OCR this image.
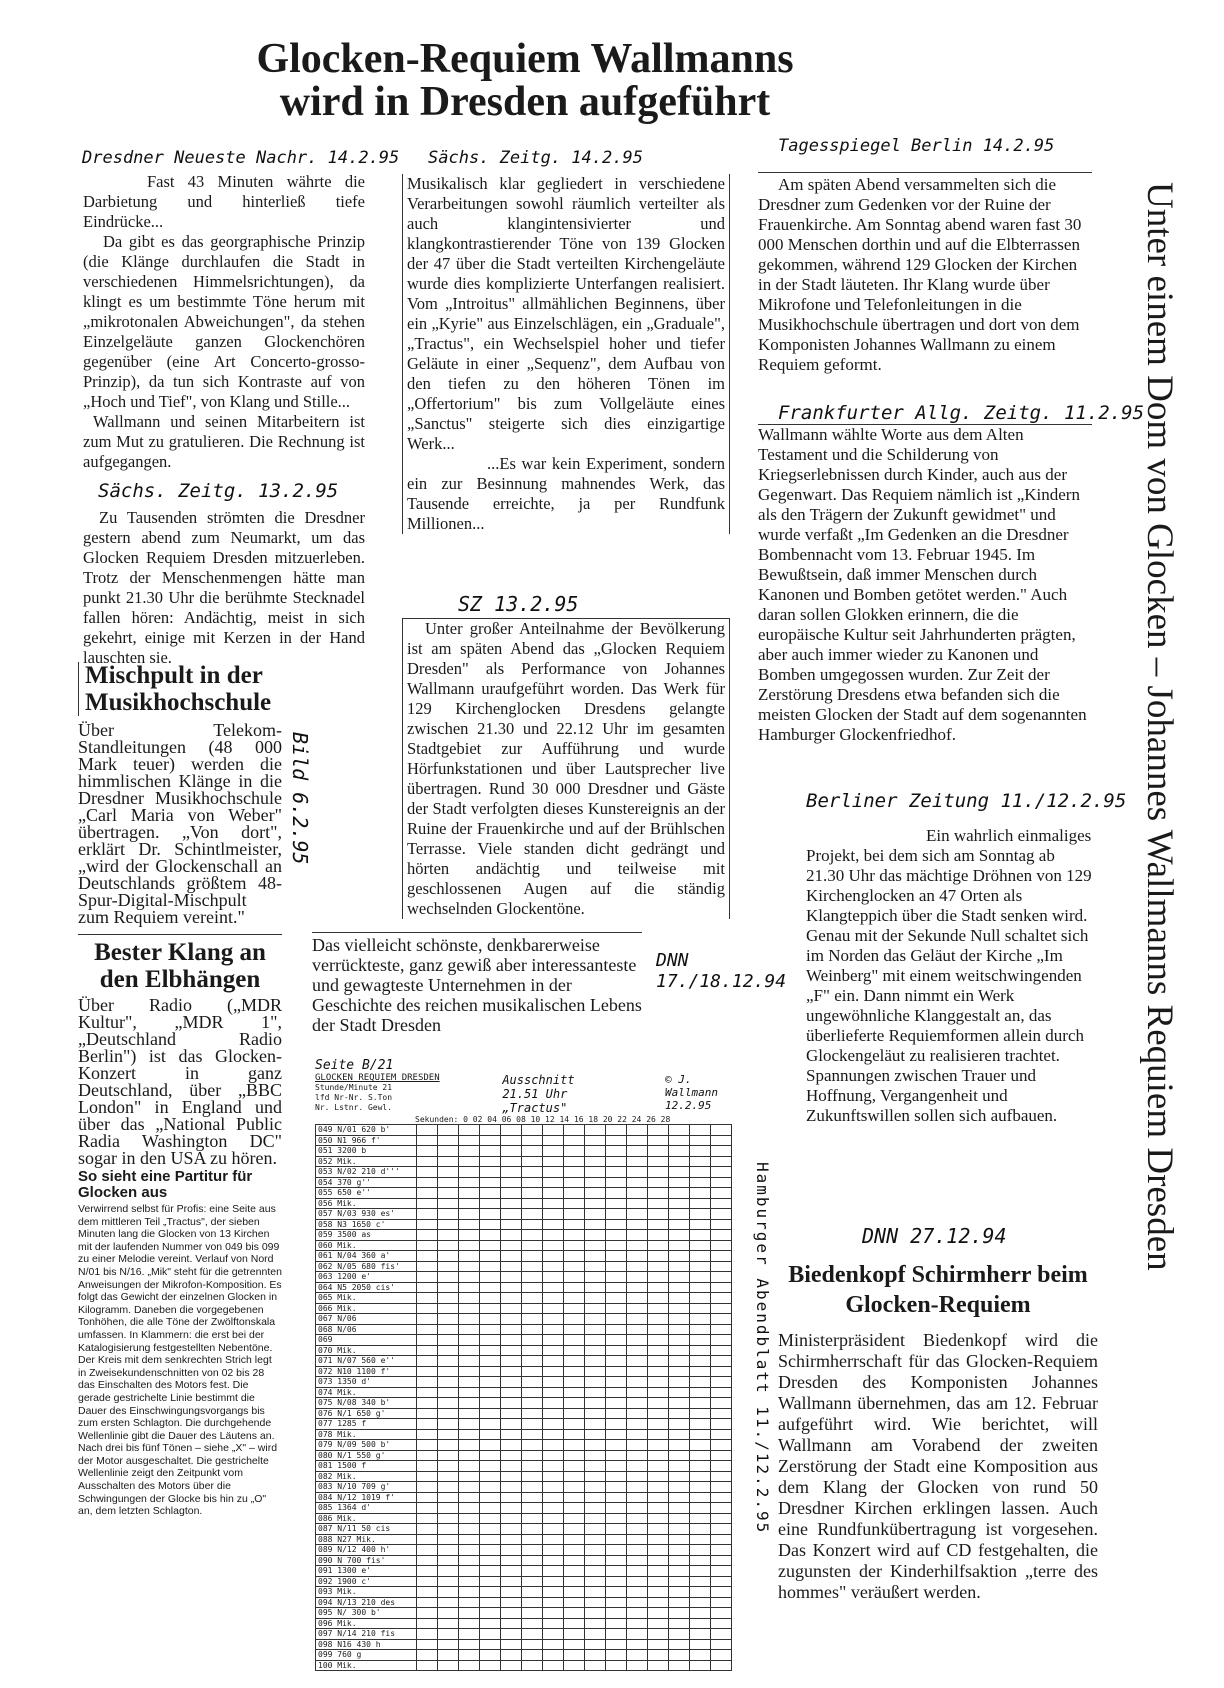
Glocken-Requiem Wallmanns
wird in Dresden aufgeführt
Unter einem Dom von Glocken – Johannes Wallmanns Requiem Dresden
Dresdner Neueste Nachr. 14.2.95

Fast 43 Minuten währte die Darbietung und hinterließ tiefe Eindrücke...

Da gibt es das georgraphische Prinzip (die Klänge durchlaufen die Stadt in verschiedenen Himmelsrichtungen), da klingt es um bestimmte Töne herum mit „mikrotonalen Abweichungen", da stehen Einzelgeläute ganzen Glockenchören gegenüber (eine Art Concerto-grosso-Prinzip), da tun sich Kontraste auf von „Hoch und Tief", von Klang und Stille...

Wallmann und seinen Mitarbeitern ist zum Mut zu gratulieren. Die Rechnung ist aufgegangen.

Sächs. Zeitg. 13.2.95
Zu Tausenden strömten die Dresdner gestern abend zum Neumarkt, um das Glocken Requiem Dresden mitzuerleben. Trotz der Menschenmengen hätte man punkt 21.30 Uhr die berühmte Stecknadel fallen hören: Andächtig, meist in sich gekehrt, einige mit Kerzen in der Hand lauschten sie.
Mischpult in der Musikhochschule
Über Telekom-Standleitungen (48 000 Mark teuer) werden die himmlischen Klänge in die Dresdner Musikhochschule „Carl Maria von Weber" übertragen. „Von dort", erklärt Dr. Schintlmeister, „wird der Glockenschall an Deutschlands größtem 48-Spur-Digital-Mischpult zum Requiem vereint."
Bester Klang an den Elbhängen
Über Radio („MDR Kultur", „MDR 1", „Deutschland Radio Berlin") ist das Glocken-Konzert in ganz Deutschland, über „BBC London" in England und über das „National Public Radia Washington DC" sogar in den USA zu hören.
So sieht eine Partitur für Glocken aus
Verwirrend selbst für Profis: eine Seite aus dem mittleren Teil „Tractus", der sieben Minuten lang die Glocken von 13 Kirchen mit der laufenden Nummer von 049 bis 099 zu einer Melodie vereint. Verlauf von Nord N/01 bis N/16. „Mik" steht für die getrennten Anweisungen der Mikrofon-Komposition. Es folgt das Gewicht der einzelnen Glocken in Kilogramm. Daneben die vorgegebenen Tonhöhen, die alle Töne der Zwölftonskala umfassen. In Klammern: die erst bei der Katalogisierung festgestellten Nebentöne. Der Kreis mit dem senkrechten Strich legt in Zweisekundenschnitten von 02 bis 28 das Einschalten des Motors fest. Die gerade gestrichelte Linie bestimmt die Dauer des Einschwingungsvorgangs bis zum ersten Schlagton. Die durchgehende Wellenlinie gibt die Dauer des Läutens an. Nach drei bis fünf Tönen – siehe „X" – wird der Motor ausgeschaltet. Die gestrichelte Wellenlinie zeigt den Zeitpunkt vom Ausschalten des Motors über die Schwingungen der Glocke bis hin zu „O" an, dem letzten Schlagton.
Bild 6.2.95
Sächs. Zeitg. 14.2.95

Musikalisch klar gegliedert in verschiedene Verarbeitungen sowohl räumlich verteilter als auch klangintensivierter und klangkontrastierender Töne von 139 Glocken der 47 über die Stadt verteilten Kirchengeläute wurde dies komplizierte Unterfangen realisiert. Vom „Introitus" allmählichen Beginnens, über ein „Kyrie" aus Einzelschlägen, ein „Graduale", „Tractus", ein Wechselspiel hoher und tiefer Geläute in einer „Sequenz", dem Aufbau von den tiefen zu den höheren Tönen im „Offertorium" bis zum Vollgeläute eines „Sanctus" steigerte sich dies einzigartige Werk...

...Es war kein Experiment, sondern ein zur Besinnung mahnendes Werk, das Tausende erreichte, ja per Rundfunk Millionen...

SZ 13.2.95
Unter großer Anteilnahme der Bevölkerung ist am späten Abend das „Glocken Requiem Dresden" als Performance von Johannes Wallmann uraufgeführt worden. Das Werk für 129 Kirchenglocken Dresdens gelangte zwischen 21.30 und 22.12 Uhr im gesamten Stadtgebiet zur Aufführung und wurde Hörfunkstationen und über Lautsprecher live übertragen. Rund 30 000 Dresdner und Gäste der Stadt verfolgten dieses Kunstereignis an der Ruine der Frauenkirche und auf der Brühlschen Terrasse. Viele standen dicht gedrängt und hörten andächtig und teilweise mit geschlossenen Augen auf die ständig wechselnden Glockentöne.
Das vielleicht schönste, denkbarerweise verrückteste, ganz gewiß aber interessanteste und gewagteste Unternehmen in der Geschichte des reichen musikalischen Lebens der Stadt Dresden
DNN 17./18.12.94
Seite B/21
GLOCKEN REQUIEM DRESDEN
Stunde/Minute 21
lfd Nr-Nr. S.Ton
Nr. Lstnr. Gewl.
Ausschnitt 21.51 Uhr „Tractus"
© J. Wallmann 12.2.95
Sekunden: 0 02 04 06 08 10 12 14 16 18 20 22 24 26 28
049 N/01 620 b'															
050 N1 966 f'															
051 3200 b															
052 Mik.															
053 N/02 210 d'''															
054 370 g''															
055 650 e''															
056 Mik.															
057 N/03 930 es'															
058 N3 1650 c'															
059 3500 as															
060 Mik.															
061 N/04 360 a'															
062 N/05 680 fis'															
063 1200 e'															
064 N5 2050 cis'															
065 Mik.															
066 Mik.															
067 N/06															
068 N/06															
069															
070 Mik.															
071 N/07 560 e''															
072 N10 1100 f'															
073 1350 d'															
074 Mik.															
075 N/08 340 b'															
076 N/1 650 g'															
077 1285 f															
078 Mik.															
079 N/09 500 b'															
080 N/1 550 g'															
081 1500 f															
082 Mik.															
083 N/10 709 g'															
084 N/12 1019 f'															
085 1364 d'															
086 Mik.															
087 N/11 50 cis															
088 N27 Mik.															
089 N/12 400 h'															
090 N 700 fis'															
091 1300 e'															
092 1900 c'															
093 Mik.															
094 N/13 210 des															
095 N/ 300 b'															
096 Mik.															
097 N/14 210 fis															
098 N16 430 h															
099 760 g															
100 Mik.															
Hamburger Abendblatt 11./12.2.95
Tagesspiegel Berlin 14.2.95
Am späten Abend versammelten sich die Dresdner zum Gedenken vor der Ruine der Frauenkirche. Am Sonntag abend waren fast 30 000 Menschen dorthin und auf die Elbterrassen gekommen, während 129 Glocken der Kirchen in der Stadt läuteten. Ihr Klang wurde über Mikrofone und Telefonleitungen in die Musikhochschule übertragen und dort von dem Komponisten Johannes Wallmann zu einem Requiem geformt.
Frankfurter Allg. Zeitg. 11.2.95
Wallmann wählte Worte aus dem Alten Testament und die Schilderung von Kriegserlebnissen durch Kinder, auch aus der Gegenwart. Das Requiem nämlich ist „Kindern als den Trägern der Zukunft gewidmet" und wurde verfaßt „Im Gedenken an die Dresdner Bombennacht vom 13. Februar 1945. Im Bewußtsein, daß immer Menschen durch Kanonen und Bomben getötet werden." Auch daran sollen Glokken erinnern, die die europäische Kultur seit Jahrhunderten prägten, aber auch immer wieder zu Kanonen und Bomben umgegossen wurden. Zur Zeit der Zerstörung Dresdens etwa befanden sich die meisten Glocken der Stadt auf dem sogenannten Hamburger Glockenfriedhof.
Berliner Zeitung 11./12.2.95
Ein wahrlich einmaliges Projekt, bei dem sich am Sonntag ab 21.30 Uhr das mächtige Dröhnen von 129 Kirchenglocken an 47 Orten als Klangteppich über die Stadt senken wird. Genau mit der Sekunde Null schaltet sich im Norden das Geläut der Kirche „Im Weinberg" mit einem weitschwingenden „F" ein. Dann nimmt ein Werk ungewöhnliche Klanggestalt an, das überlieferte Requiemformen allein durch Glockengeläut zu realisieren trachtet. Spannungen zwischen Trauer und Hoffnung, Vergangenheit und Zukunftswillen sollen sich aufbauen.
DNN 27.12.94
Biedenkopf Schirmherr beim Glocken-Requiem
Ministerpräsident Biedenkopf wird die Schirmherrschaft für das Glocken-Requiem Dresden des Komponisten Johannes Wallmann übernehmen, das am 12. Februar aufgeführt wird. Wie berichtet, will Wallmann am Vorabend der zweiten Zerstörung der Stadt eine Komposition aus dem Klang der Glocken von rund 50 Dresdner Kirchen erklingen lassen. Auch eine Rundfunkübertragung ist vorgesehen. Das Konzert wird auf CD festgehalten, die zugunsten der Kinderhilfsaktion „terre des hommes" veräußert werden.
